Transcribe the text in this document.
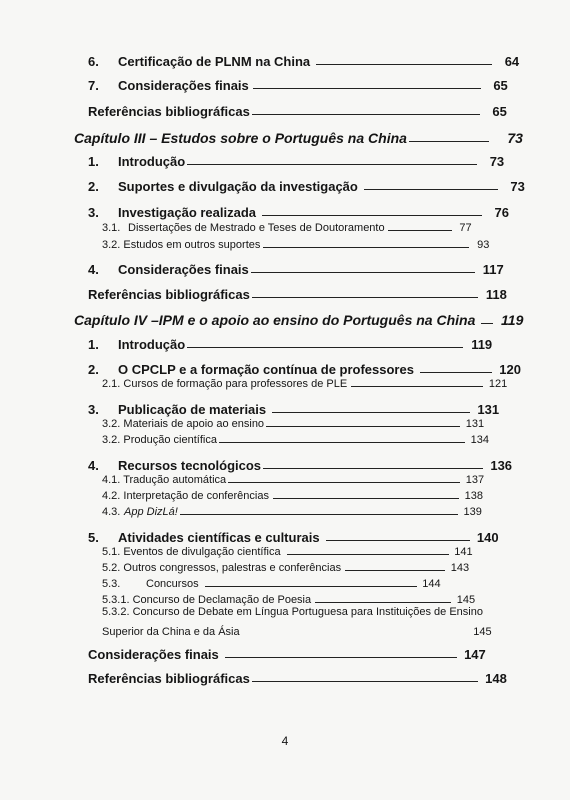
6. Certificação de PLNM na China	64
7. Considerações finais	65
Referências bibliográficas	65
Capítulo III – Estudos sobre o Português na China	73
1. Introdução	73
2. Suportes e divulgação da investigação	73
3. Investigação realizada	76
3.1. Dissertações de Mestrado e Teses de Doutoramento	77
3.2. Estudos em outros suportes	93
4. Considerações finais	117
Referências bibliográficas	118
Capítulo IV –IPM e o apoio ao ensino do Português na China 119
1. Introdução	119
2. O CPCLP e a formação contínua de professores	120
2.1. Cursos de formação para professores de PLE	121
3. Publicação de materiais	131
3.2. Materiais de apoio ao ensino	131
3.2. Produção científica	134
4. Recursos tecnológicos	136
4.1. Tradução automática	137
4.2. Interpretação de conferências	138
4.3. App DizLá!	139
5. Atividades científicas e culturais	140
5.1. Eventos de divulgação científica	141
5.2. Outros congressos, palestras e conferências	143
5.3. Concursos	144
5.3.1. Concurso de Declamação de Poesia	145
5.3.2. Concurso de Debate em Língua Portuguesa para Instituições de Ensino
Superior da China e da Ásia	145
Considerações finais	147
Referências bibliográficas	148
4
